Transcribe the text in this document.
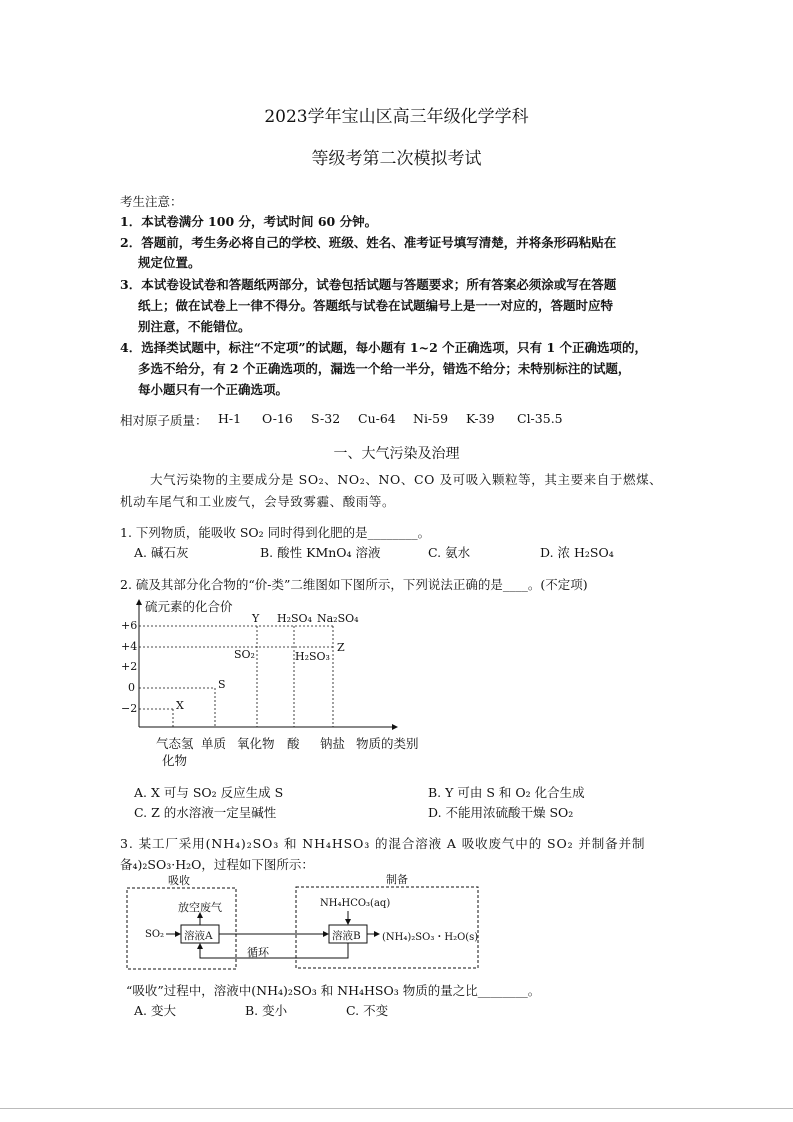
2023学年宝山区高三年级化学学科
等级考第二次模拟考试
考生注意：
1．本试卷满分 100 分，考试时间 60 分钟。
2．答题前，考生务必将自己的学校、班级、姓名、准考证号填写清楚，并将条形码粘贴在
规定位置。
3．本试卷设试卷和答题纸两部分，试卷包括试题与答题要求；所有答案必须涂或写在答题
纸上；做在试卷上一律不得分。答题纸与试卷在试题编号上是一一对应的，答题时应特
别注意，不能错位。
4．选择类试题中，标注“不定项”的试题，每小题有 1~2 个正确选项，只有 1 个正确选项的，
多选不给分，有 2 个正确选项的，漏选一个给一半分，错选不给分；未特别标注的试题，
每小题只有一个正确选项。
相对原子质量： H-1 O-16 S-32 Cu-64 Ni-59 K-39 Cl-35.5
一、大气污染及治理
大气污染物的主要成分是 SO₂、NO₂、NO、CO 及可吸入颗粒等，其主要来自于燃煤、
机动车尾气和工业废气，会导致雾霾、酸雨等。
1. 下列物质，能吸收 SO₂ 同时得到化肥的是________。
A. 碱石灰	B. 酸性 KMnO₄ 溶液	C. 氨水	D. 浓 H₂SO₄
2. 硫及其部分化合物的“价-类”二维图如下图所示，下列说法正确的是____。(不定项)
硫元素的化合价
+6
+4
+2
0
−2	X
S
Y
SO₂
H₂SO₄ Na₂SO₄
H₂SO₃
Z
气态氢
化物
单质 氧化物 酸 钠盐 物质的类别
A. X 可与 SO₂ 反应生成 S	B. Y 可由 S 和 O₂ 化合生成
C. Z 的水溶液一定呈碱性	D. 不能用浓硫酸干燥 SO₂
3. 某工厂采用(NH₄)₂SO₃ 和 NH₄HSO₃ 的混合溶液 A 吸收废气中的 SO₂ 并制备并制
备₄)₂SO₃·H₂O，过程如下图所示：
吸收	制备
放空废气
SO₂ 溶液A	溶液B
NH₄HCO₃(aq)
(NH₄)₂SO₃・H₂O(s)
循环
“吸收”过程中，溶液中(NH₄)₂SO₃ 和 NH₄HSO₃ 物质的量之比________。
A. 变大	B. 变小	C. 不变
